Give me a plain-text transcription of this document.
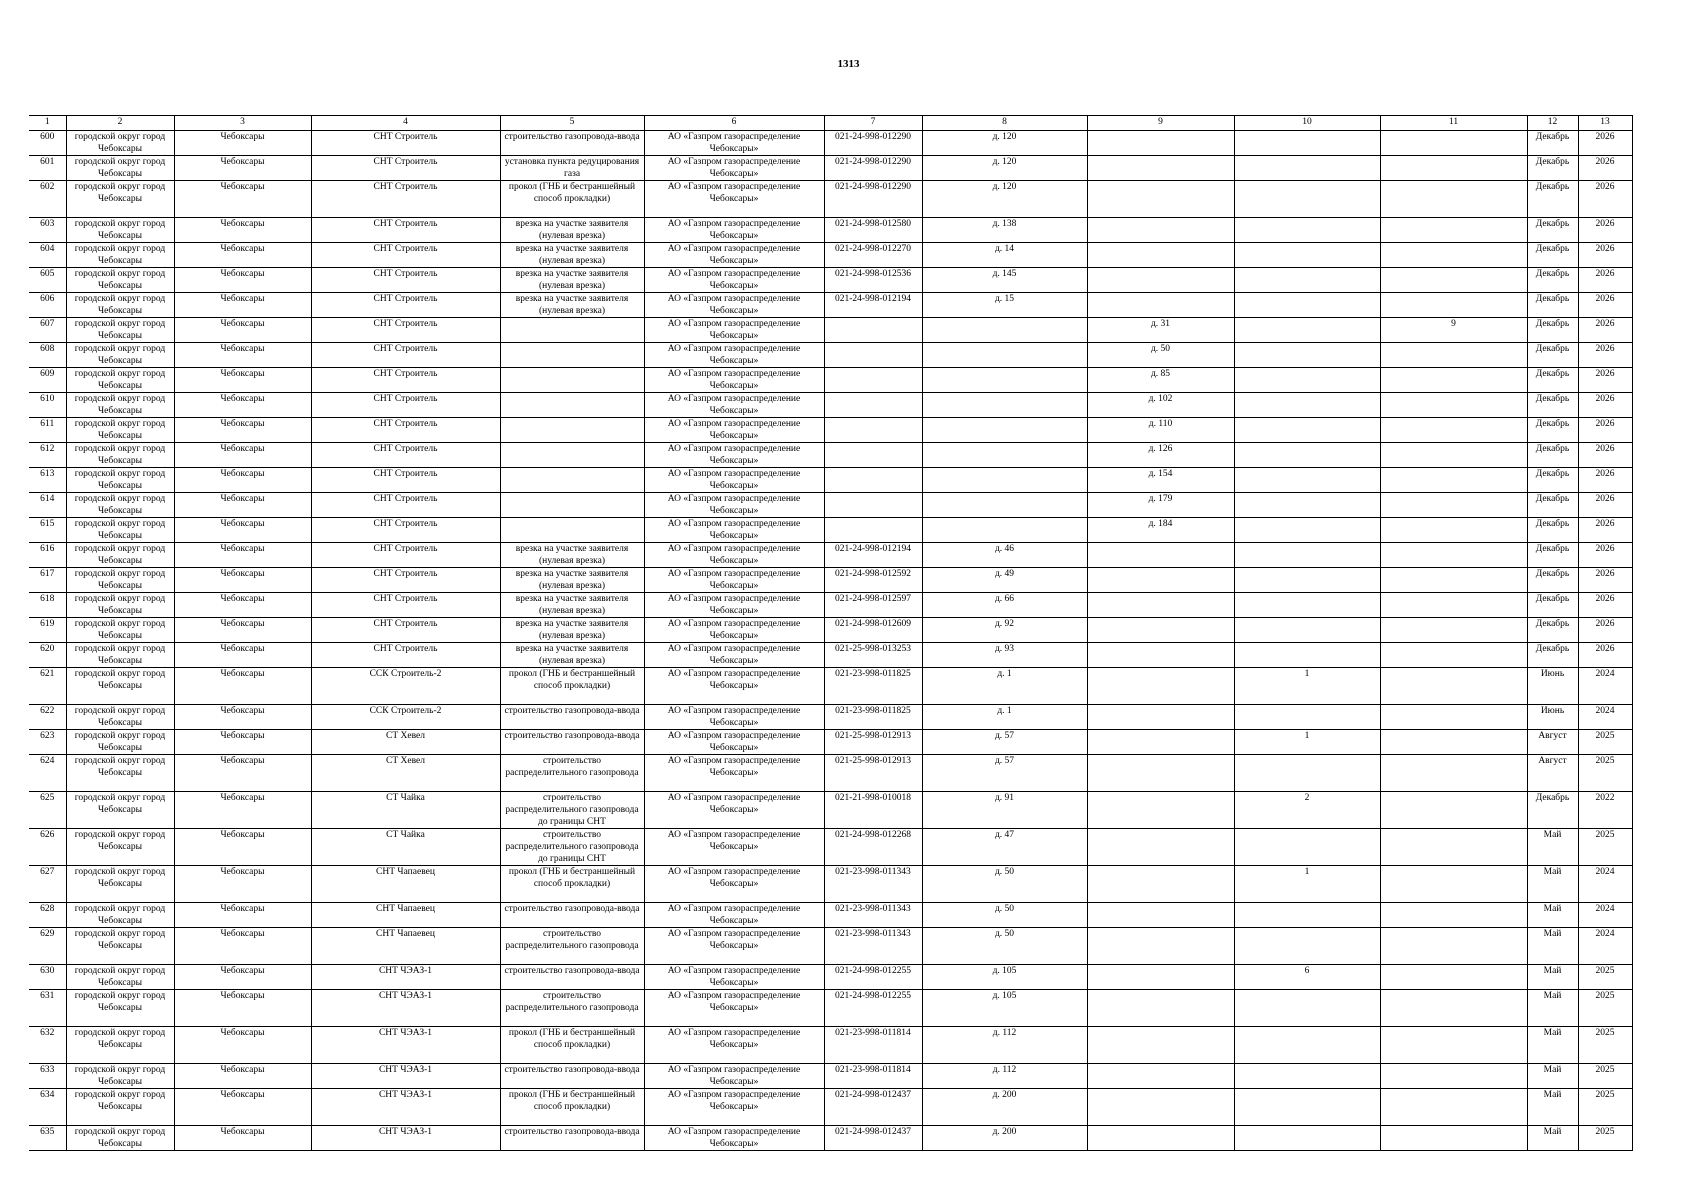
1313
1	2	3	4	5	6	7	8	9	10	11	12	13

600	городской округ город Чебоксары	Чебоксары	СНТ Строитель	строительство газопровода-ввода	АО «Газпром газораспределение Чебоксары»	021-24-998-012290	д. 120				Декабрь	2026

601	городской округ город Чебоксары	Чебоксары	СНТ Строитель	установка пункта редуцирования газа	АО «Газпром газораспределение Чебоксары»	021-24-998-012290	д. 120				Декабрь	2026

602	городской округ город Чебоксары	Чебоксары	СНТ Строитель	прокол (ГНБ и бестраншейный способ прокладки)	АО «Газпром газораспределение Чебоксары»	021-24-998-012290	д. 120				Декабрь	2026

603	городской округ город Чебоксары	Чебоксары	СНТ Строитель	врезка на участке заявителя (нулевая врезка)	АО «Газпром газораспределение Чебоксары»	021-24-998-012580	д. 138				Декабрь	2026

604	городской округ город Чебоксары	Чебоксары	СНТ Строитель	врезка на участке заявителя (нулевая врезка)	АО «Газпром газораспределение Чебоксары»	021-24-998-012270	д. 14				Декабрь	2026

605	городской округ город Чебоксары	Чебоксары	СНТ Строитель	врезка на участке заявителя (нулевая врезка)	АО «Газпром газораспределение Чебоксары»	021-24-998-012536	д. 145				Декабрь	2026

606	городской округ город Чебоксары	Чебоксары	СНТ Строитель	врезка на участке заявителя (нулевая врезка)	АО «Газпром газораспределение Чебоксары»	021-24-998-012194	д. 15				Декабрь	2026

607	городской округ город Чебоксары	Чебоксары	СНТ Строитель		АО «Газпром газораспределение Чебоксары»			д. 31		9	Декабрь	2026

608	городской округ город Чебоксары	Чебоксары	СНТ Строитель		АО «Газпром газораспределение Чебоксары»			д. 50			Декабрь	2026

609	городской округ город Чебоксары	Чебоксары	СНТ Строитель		АО «Газпром газораспределение Чебоксары»			д. 85			Декабрь	2026

610	городской округ город Чебоксары	Чебоксары	СНТ Строитель		АО «Газпром газораспределение Чебоксары»			д. 102			Декабрь	2026

611	городской округ город Чебоксары	Чебоксары	СНТ Строитель		АО «Газпром газораспределение Чебоксары»			д. 110			Декабрь	2026

612	городской округ город Чебоксары	Чебоксары	СНТ Строитель		АО «Газпром газораспределение Чебоксары»			д. 126			Декабрь	2026

613	городской округ город Чебоксары	Чебоксары	СНТ Строитель		АО «Газпром газораспределение Чебоксары»			д. 154			Декабрь	2026

614	городской округ город Чебоксары	Чебоксары	СНТ Строитель		АО «Газпром газораспределение Чебоксары»			д. 179			Декабрь	2026

615	городской округ город Чебоксары	Чебоксары	СНТ Строитель		АО «Газпром газораспределение Чебоксары»			д. 184			Декабрь	2026

616	городской округ город Чебоксары	Чебоксары	СНТ Строитель	врезка на участке заявителя (нулевая врезка)	АО «Газпром газораспределение Чебоксары»	021-24-998-012194	д. 46				Декабрь	2026

617	городской округ город Чебоксары	Чебоксары	СНТ Строитель	врезка на участке заявителя (нулевая врезка)	АО «Газпром газораспределение Чебоксары»	021-24-998-012592	д. 49				Декабрь	2026

618	городской округ город Чебоксары	Чебоксары	СНТ Строитель	врезка на участке заявителя (нулевая врезка)	АО «Газпром газораспределение Чебоксары»	021-24-998-012597	д. 66				Декабрь	2026

619	городской округ город Чебоксары	Чебоксары	СНТ Строитель	врезка на участке заявителя (нулевая врезка)	АО «Газпром газораспределение Чебоксары»	021-24-998-012609	д. 92				Декабрь	2026

620	городской округ город Чебоксары	Чебоксары	СНТ Строитель	врезка на участке заявителя (нулевая врезка)	АО «Газпром газораспределение Чебоксары»	021-25-998-013253	д. 93				Декабрь	2026

621	городской округ город Чебоксары	Чебоксары	ССК Строитель-2	прокол (ГНБ и бестраншейный способ прокладки)	АО «Газпром газораспределение Чебоксары»	021-23-998-011825	д. 1		1		Июнь	2024

622	городской округ город Чебоксары	Чебоксары	ССК Строитель-2	строительство газопровода-ввода	АО «Газпром газораспределение Чебоксары»	021-23-998-011825	д. 1				Июнь	2024

623	городской округ город Чебоксары	Чебоксары	СТ Хевел	строительство газопровода-ввода	АО «Газпром газораспределение Чебоксары»	021-25-998-012913	д. 57		1		Август	2025

624	городской округ город Чебоксары	Чебоксары	СТ Хевел	строительство распределительного газопровода	АО «Газпром газораспределение Чебоксары»	021-25-998-012913	д. 57				Август	2025

625	городской округ город Чебоксары	Чебоксары	СТ Чайка	строительство распределительного газопровода до границы СНТ	АО «Газпром газораспределение Чебоксары»	021-21-998-010018	д. 91		2		Декабрь	2022

626	городской округ город Чебоксары	Чебоксары	СТ Чайка	строительство распределительного газопровода до границы СНТ	АО «Газпром газораспределение Чебоксары»	021-24-998-012268	д. 47				Май	2025

627	городской округ город Чебоксары	Чебоксары	СНТ Чапаевец	прокол (ГНБ и бестраншейный способ прокладки)	АО «Газпром газораспределение Чебоксары»	021-23-998-011343	д. 50		1		Май	2024

628	городской округ город Чебоксары	Чебоксары	СНТ Чапаевец	строительство газопровода-ввода	АО «Газпром газораспределение Чебоксары»	021-23-998-011343	д. 50				Май	2024

629	городской округ город Чебоксары	Чебоксары	СНТ Чапаевец	строительство распределительного газопровода	АО «Газпром газораспределение Чебоксары»	021-23-998-011343	д. 50				Май	2024

630	городской округ город Чебоксары	Чебоксары	СНТ ЧЭАЗ-1	строительство газопровода-ввода	АО «Газпром газораспределение Чебоксары»	021-24-998-012255	д. 105		6		Май	2025

631	городской округ город Чебоксары	Чебоксары	СНТ ЧЭАЗ-1	строительство распределительного газопровода	АО «Газпром газораспределение Чебоксары»	021-24-998-012255	д. 105				Май	2025

632	городской округ город Чебоксары	Чебоксары	СНТ ЧЭАЗ-1	прокол (ГНБ и бестраншейный способ прокладки)	АО «Газпром газораспределение Чебоксары»	021-23-998-011814	д. 112				Май	2025

633	городской округ город Чебоксары	Чебоксары	СНТ ЧЭАЗ-1	строительство газопровода-ввода	АО «Газпром газораспределение Чебоксары»	021-23-998-011814	д. 112				Май	2025

634	городской округ город Чебоксары	Чебоксары	СНТ ЧЭАЗ-1	прокол (ГНБ и бестраншейный способ прокладки)	АО «Газпром газораспределение Чебоксары»	021-24-998-012437	д. 200				Май	2025

635	городской округ город Чебоксары	Чебоксары	СНТ ЧЭАЗ-1	строительство газопровода-ввода	АО «Газпром газораспределение Чебоксары»	021-24-998-012437	д. 200				Май	2025
